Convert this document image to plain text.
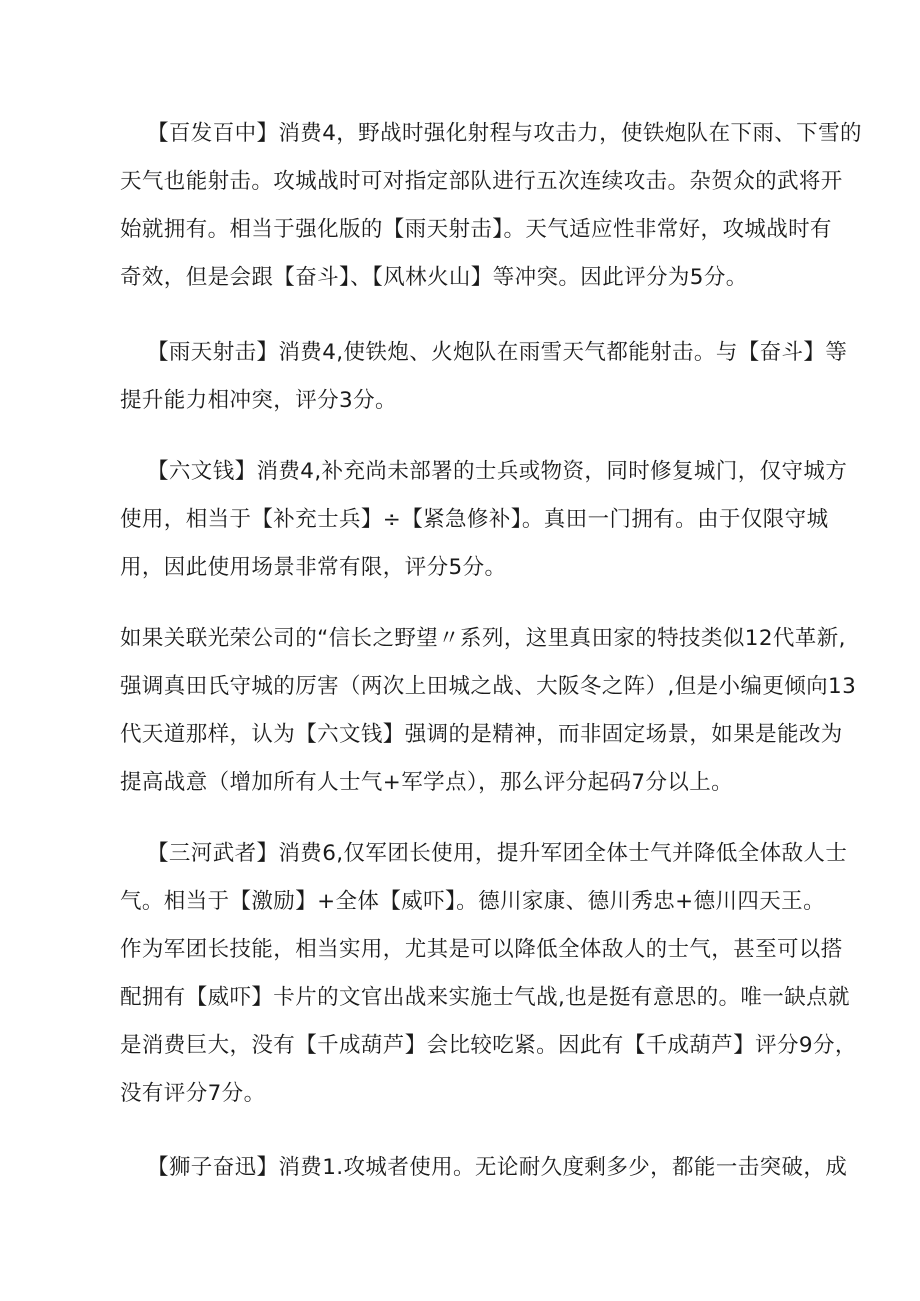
【百发百中】消费4，野战时强化射程与攻击力，使铁炮队在下雨、下雪的
天气也能射击。攻城战时可对指定部队进行五次连续攻击。杂贺众的武将开
始就拥有。相当于强化版的【雨天射击】。天气适应性非常好，攻城战时有
奇效，但是会跟【奋斗】、【风林火山】等冲突。因此评分为5分。
【雨天射击】消费4,使铁炮、火炮队在雨雪天气都能射击。与【奋斗】等
提升能力相冲突，评分3分。
【六文钱】消费4,补充尚未部署的士兵或物资，同时修复城门，仅守城方
使用，相当于【补充士兵】÷【紧急修补】。真田一门拥有。由于仅限守城
用，因此使用场景非常有限，评分5分。
如果关联光荣公司的“信长之野望〃系列，这里真田家的特技类似12代革新,
强调真田氏守城的厉害（两次上田城之战、大阪冬之阵）,但是小编更倾向13
代天道那样，认为【六文钱】强调的是精神，而非固定场景，如果是能改为
提高战意（增加所有人士气+军学点），那么评分起码7分以上。
【三河武者】消费6,仅军团长使用，提升军团全体士气并降低全体敌人士
气。相当于【激励】+全体【威吓】。德川家康、德川秀忠+德川四天王。
作为军团长技能，相当实用，尤其是可以降低全体敌人的士气，甚至可以搭
配拥有【威吓】卡片的文官出战来实施士气战,也是挺有意思的。唯一缺点就
是消费巨大，没有【千成葫芦】会比较吃紧。因此有【千成葫芦】评分9分，
没有评分7分。
【狮子奋迅】消费1.攻城者使用。无论耐久度剩多少，都能一击突破，成
